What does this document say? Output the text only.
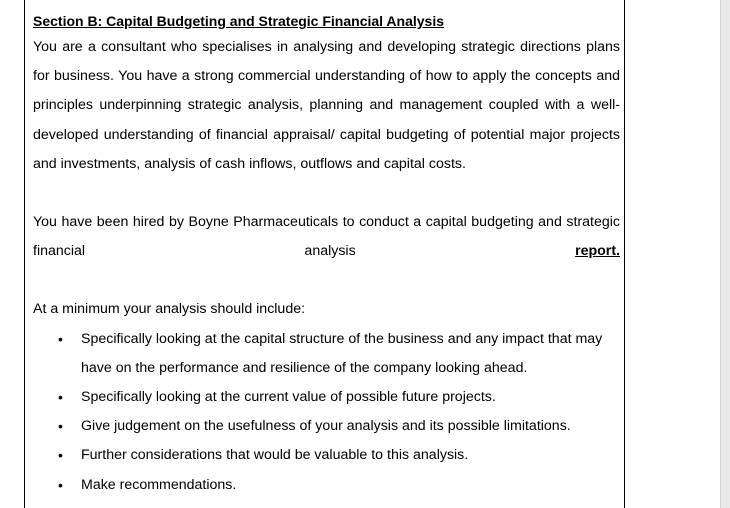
Section B: Capital Budgeting and Strategic Financial Analysis

You are a consultant who specialises in analysing and developing strategic directions plans for business. You have a strong commercial understanding of how to apply the concepts and principles underpinning strategic analysis, planning and management coupled with a well-developed understanding of financial appraisal/ capital budgeting of potential major projects and investments, analysis of cash inflows, outflows and capital costs.

You have been hired by Boyne Pharmaceuticals to conduct a capital budgeting and strategic financial analysis report.

At a minimum your analysis should include:

• Specifically looking at the capital structure of the business and any impact that may have on the performance and resilience of the company looking ahead.
• Specifically looking at the current value of possible future projects.
• Give judgement on the usefulness of your analysis and its possible limitations.
• Further considerations that would be valuable to this analysis.
• Make recommendations.
